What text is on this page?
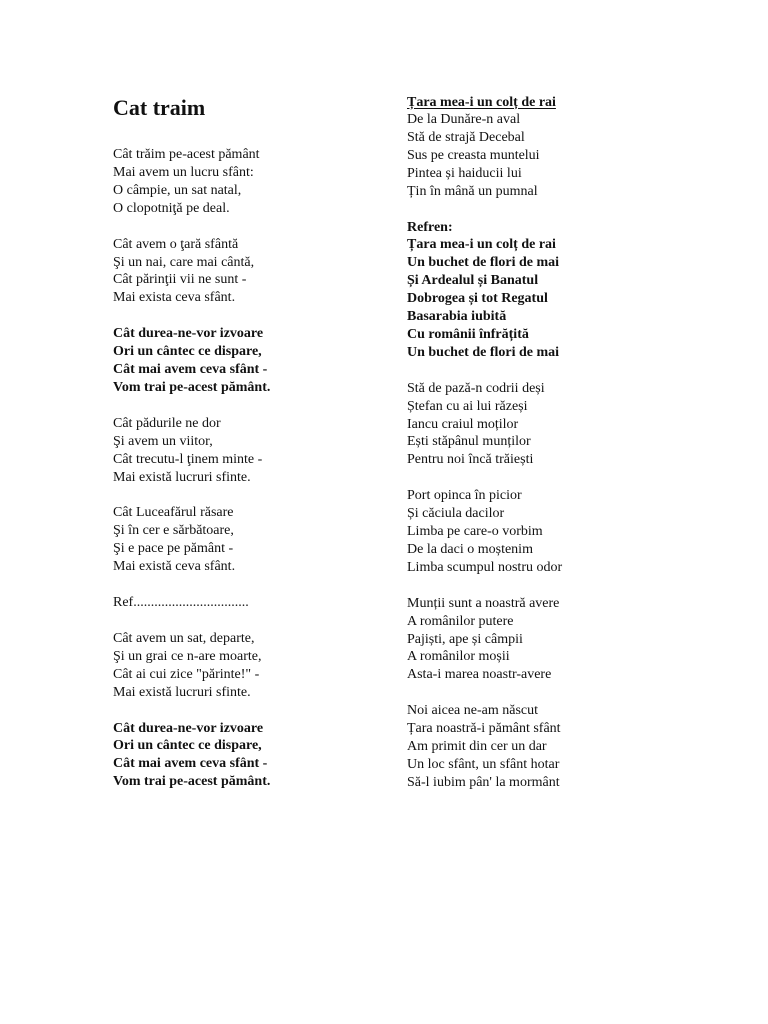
Cat traim
Cât trăim pe-acest pământ
Mai avem un lucru sfânt:
O câmpie, un sat natal,
O clopotniţă pe deal.
Cât avem o ţară sfântă
Şi un nai, care mai cântă,
Cât părinţii vii ne sunt -
Mai exista ceva sfânt.
Cât durea-ne-vor izvoare
Ori un cântec ce dispare,
Cât mai avem ceva sfânt -
Vom trai pe-acest pământ.
Cât pădurile ne dor
Şi avem un viitor,
Cât trecutu-l ţinem minte -
Mai există lucruri sfinte.
Cât Luceafărul răsare
Şi în cer e sărbătoare,
Şi e pace pe pământ -
Mai există ceva sfânt.
Ref.................................
Cât avem un sat, departe,
Şi un grai ce n-are moarte,
Cât ai cui zice "părinte!" -
Mai există lucruri sfinte.
Cât durea-ne-vor izvoare
Ori un cântec ce dispare,
Cât mai avem ceva sfânt -
Vom trai pe-acest pământ.
Țara mea-i un colț de rai
De la Dunăre-n aval
Stă de strajă Decebal
Sus pe creasta muntelui
Pintea și haiducii lui
Țin în mână un pumnal
Refren:
Țara mea-i un colț de rai
Un buchet de flori de mai
Și Ardealul și Banatul
Dobrogea și tot Regatul
Basarabia iubită
Cu românii înfrățită
Un buchet de flori de mai
Stă de pază-n codrii deși
Ștefan cu ai lui răzeși
Iancu craiul moților
Ești stăpânul munților
Pentru noi încă trăiești
Port opinca în picior
Și căciula dacilor
Limba pe care-o vorbim
De la daci o moștenim
Limba scumpul nostru odor
Munții sunt a noastră avere
A românilor putere
Pajiști, ape și câmpii
A românilor moșii
Asta-i marea noastr-avere
Noi aicea ne-am născut
Țara noastră-i pământ sfânt
Am primit din cer un dar
Un loc sfânt, un sfânt hotar
Să-l iubim pân' la mormânt
